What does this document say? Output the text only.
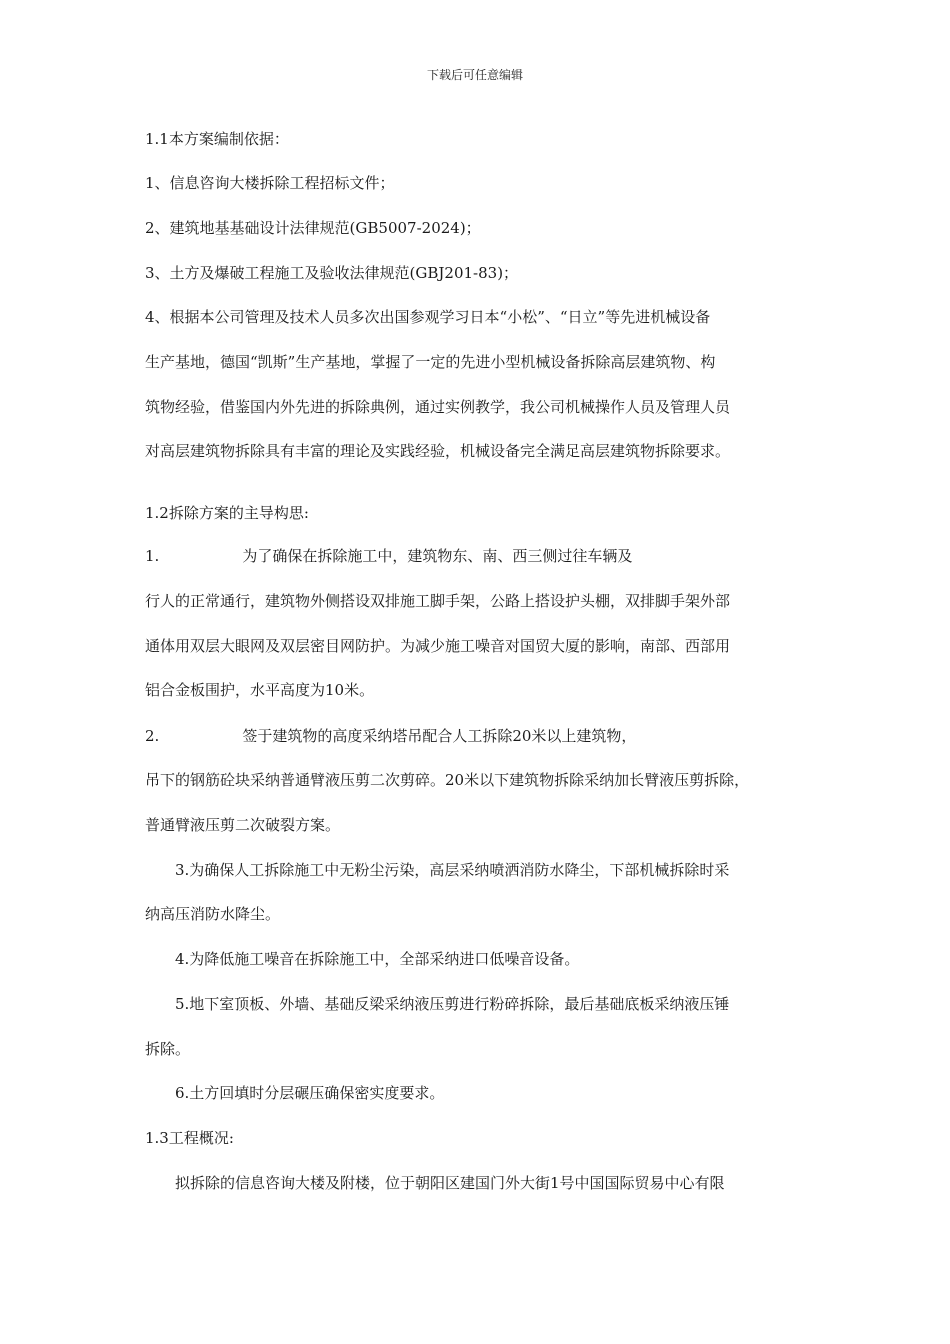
下载后可任意编辑
1.1本方案编制依据：
1、信息咨询大楼拆除工程招标文件；
2、建筑地基基础设计法律规范(GB5007-2024)；
3、土方及爆破工程施工及验收法律规范(GBJ201-83)；
4、根据本公司管理及技术人员多次出国参观学习日本“小松”、“日立”等先进机械设备
生产基地，德国“凯斯”生产基地，掌握了一定的先进小型机械设备拆除高层建筑物、构
筑物经验，借鉴国内外先进的拆除典例，通过实例教学，我公司机械操作人员及管理人员
对高层建筑物拆除具有丰富的理论及实践经验，机械设备完全满足高层建筑物拆除要求。
1.2拆除方案的主导构思:
1.	为了确保在拆除施工中，建筑物东、南、西三侧过往车辆及
行人的正常通行，建筑物外侧搭设双排施工脚手架，公路上搭设护头棚，双排脚手架外部
通体用双层大眼网及双层密目网防护。为减少施工噪音对国贸大厦的影响，南部、西部用
铝合金板围护，水平高度为10米。
2.	签于建筑物的高度采纳塔吊配合人工拆除20米以上建筑物，
吊下的钢筋砼块采纳普通臂液压剪二次剪碎。20米以下建筑物拆除采纳加长臂液压剪拆除，
普通臂液压剪二次破裂方案。
3.为确保人工拆除施工中无粉尘污染，高层采纳喷洒消防水降尘，下部机械拆除时采
纳高压消防水降尘。
4.为降低施工噪音在拆除施工中，全部采纳进口低噪音设备。
5.地下室顶板、外墙、基础反梁采纳液压剪进行粉碎拆除，最后基础底板采纳液压锤
拆除。
6.土方回填时分层碾压确保密实度要求。
1.3工程概况:
拟拆除的信息咨询大楼及附楼，位于朝阳区建国门外大街1号中国国际贸易中心有限
